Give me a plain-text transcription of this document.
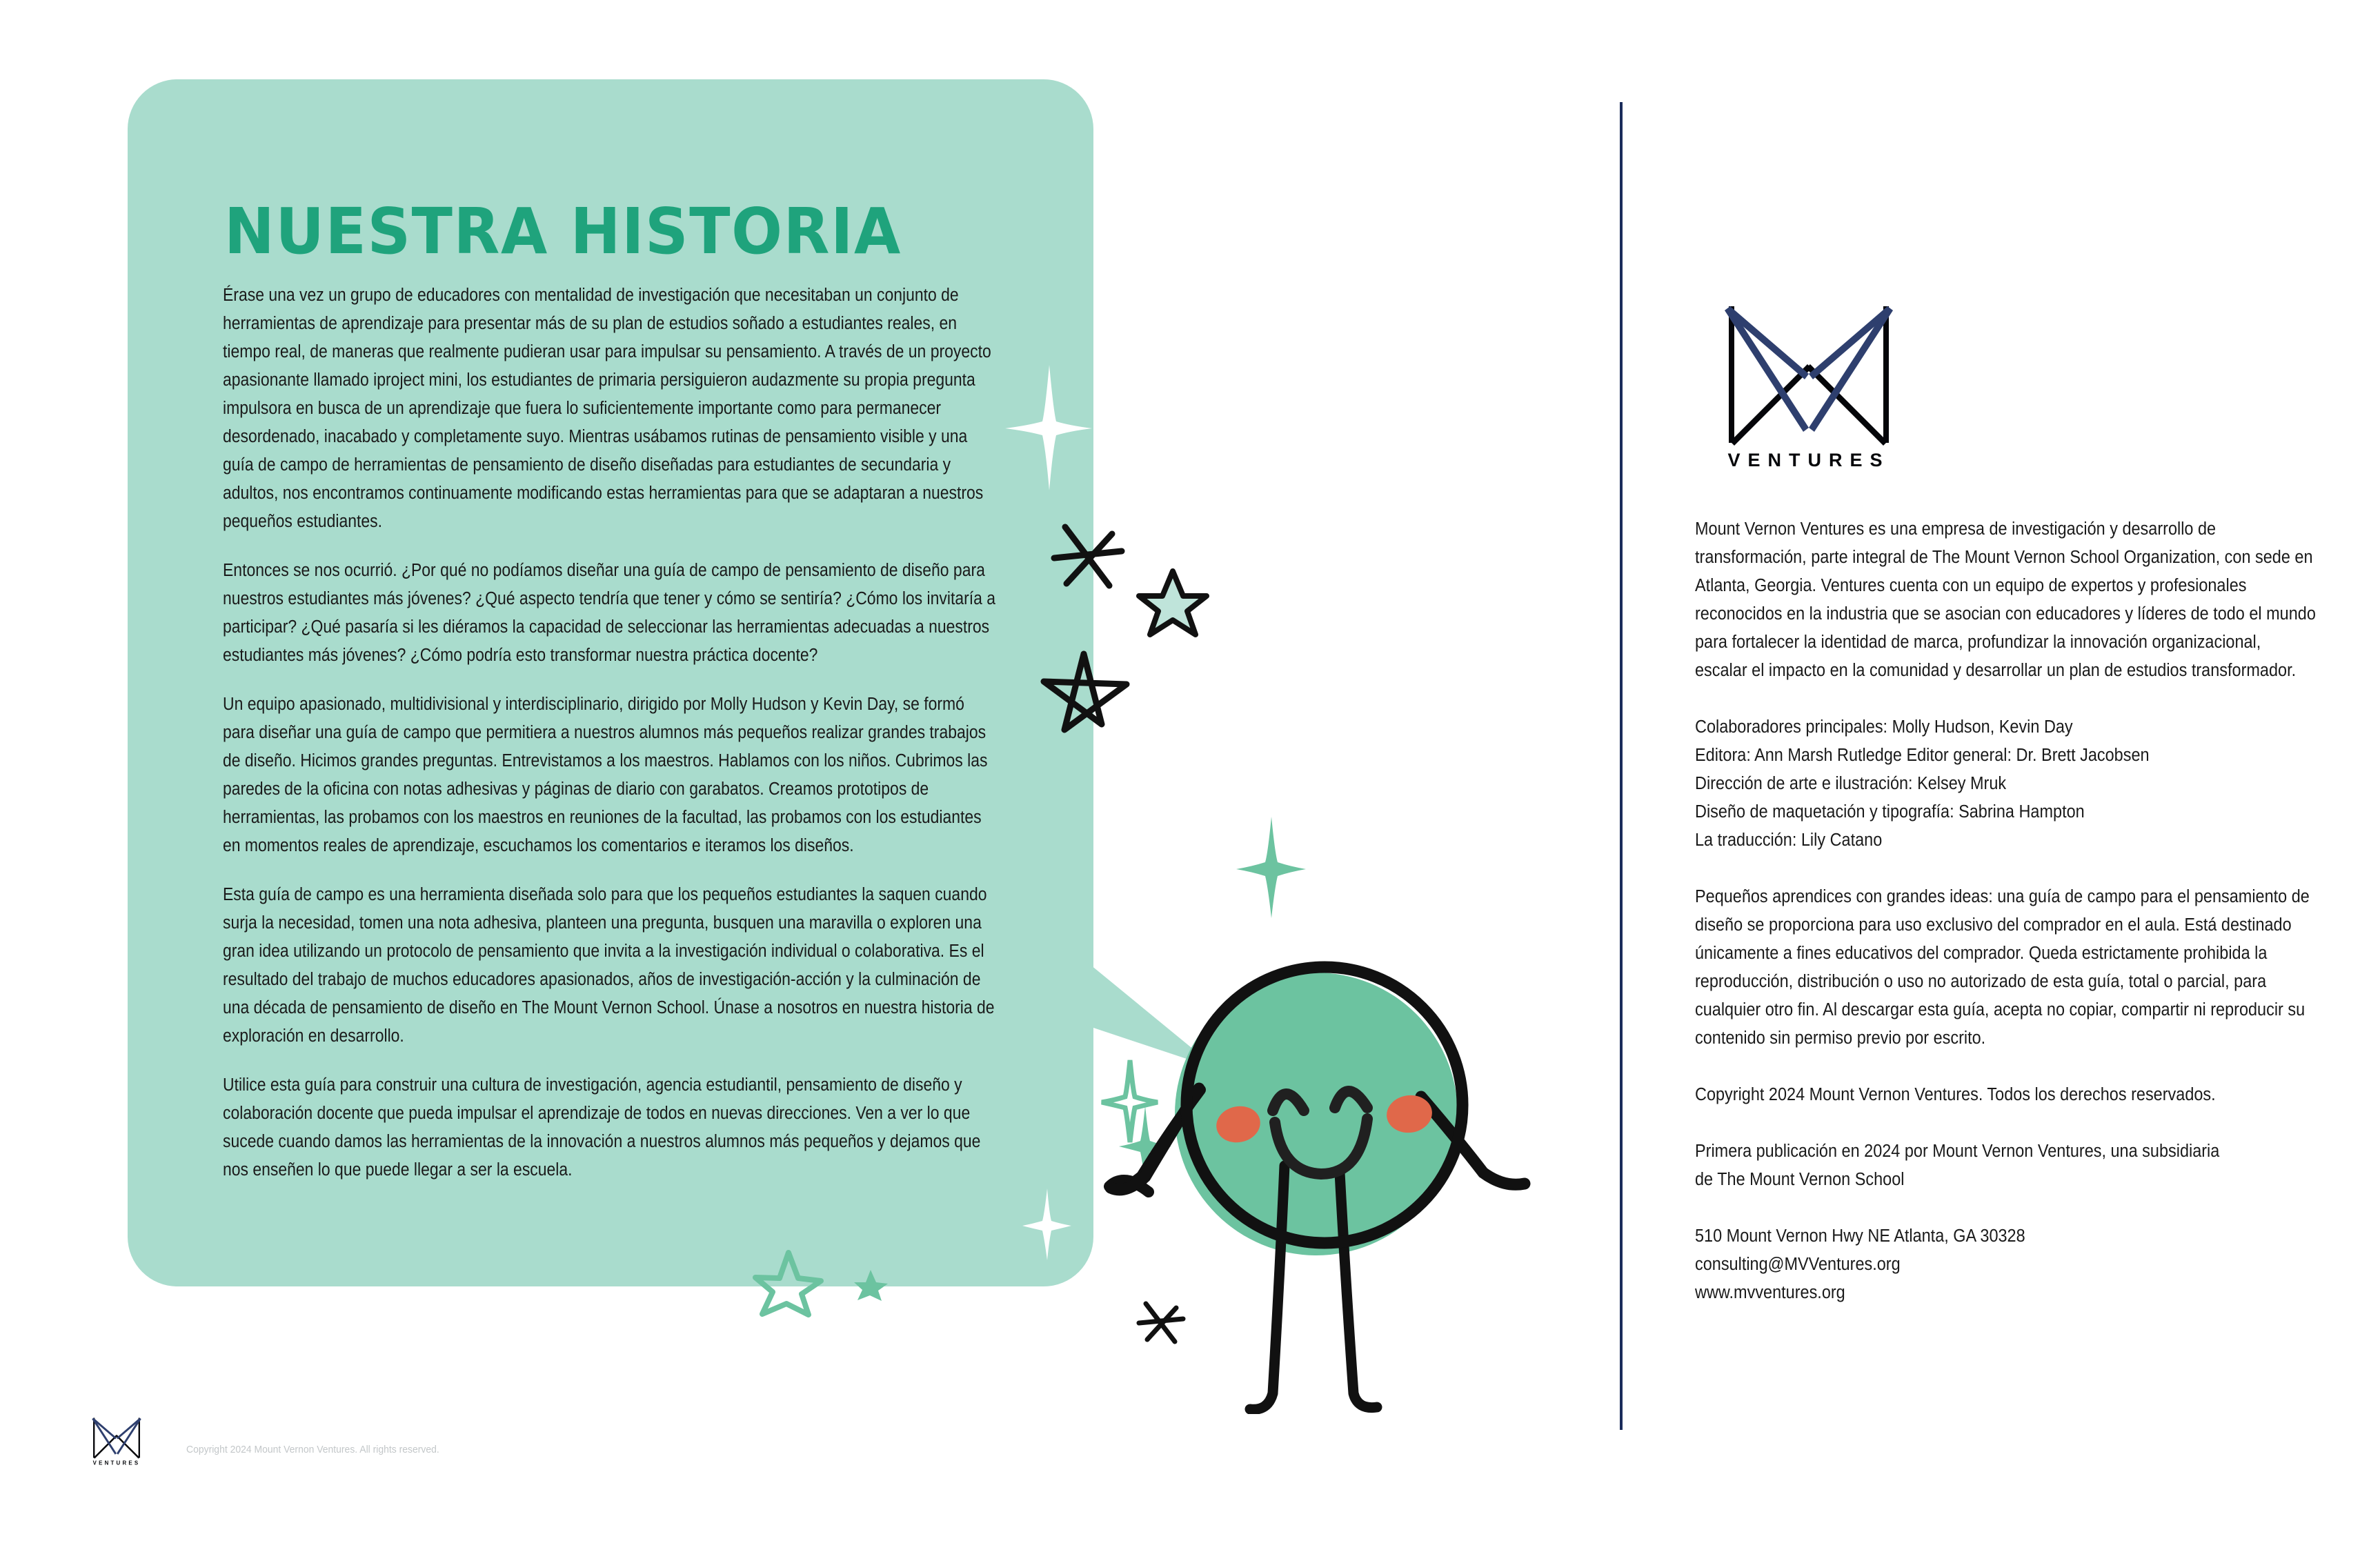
NUESTRA HISTORIA

Érase una vez un grupo de educadores con mentalidad de investigación que necesitaban un conjunto de herramientas de aprendizaje para presentar más de su plan de estudios soñado a estudiantes reales, en tiempo real, de maneras que realmente pudieran usar para impulsar su pensamiento. A través de un proyecto apasionante llamado iproject mini, los estudiantes de primaria persiguieron audazmente su propia pregunta impulsora en busca de un aprendizaje que fuera lo suficientemente importante como para permanecer desordenado, inacabado y completamente suyo. Mientras usábamos rutinas de pensamiento visible y una guía de campo de herramientas de pensamiento de diseño diseñadas para estudiantes de secundaria y adultos, nos encontramos continuamente modificando estas herramientas para que se adaptaran a nuestros pequeños estudiantes.

Entonces se nos ocurrió. ¿Por qué no podíamos diseñar una guía de campo de pensamiento de diseño para nuestros estudiantes más jóvenes? ¿Qué aspecto tendría que tener y cómo se sentiría? ¿Cómo los invitaría a participar? ¿Qué pasaría si les diéramos la capacidad de seleccionar las herramientas adecuadas a nuestros estudiantes más jóvenes? ¿Cómo podría esto transformar nuestra práctica docente?

Un equipo apasionado, multidivisional y interdisciplinario, dirigido por Molly Hudson y Kevin Day, se formó para diseñar una guía de campo que permitiera a nuestros alumnos más pequeños realizar grandes trabajos de diseño. Hicimos grandes preguntas. Entrevistamos a los maestros. Hablamos con los niños. Cubrimos las paredes de la oficina con notas adhesivas y páginas de diario con garabatos. Creamos prototipos de herramientas, las probamos con los maestros en reuniones de la facultad, las probamos con los estudiantes en momentos reales de aprendizaje, escuchamos los comentarios e iteramos los diseños.

Esta guía de campo es una herramienta diseñada solo para que los pequeños estudiantes la saquen cuando surja la necesidad, tomen una nota adhesiva, planteen una pregunta, busquen una maravilla o exploren una gran idea utilizando un protocolo de pensamiento que invita a la investigación individual o colaborativa. Es el resultado del trabajo de muchos educadores apasionados, años de investigación-acción y la culminación de una década de pensamiento de diseño en The Mount Vernon School. Únase a nosotros en nuestra historia de exploración en desarrollo.

Utilice esta guía para construir una cultura de investigación, agencia estudiantil, pensamiento de diseño y colaboración docente que pueda impulsar el aprendizaje de todos en nuevas direcciones. Ven a ver lo que sucede cuando damos las herramientas de la innovación a nuestros alumnos más pequeños y dejamos que nos enseñen lo que puede llegar a ser la escuela.

VENTURES
Mount Vernon Ventures es una empresa de investigación y desarrollo de transformación, parte integral de The Mount Vernon School Organization, con sede en Atlanta, Georgia. Ventures cuenta con un equipo de expertos y profesionales reconocidos en la industria que se asocian con educadores y líderes de todo el mundo para fortalecer la identidad de marca, profundizar la innovación organizacional, escalar el impacto en la comunidad y desarrollar un plan de estudios transformador.
Colaboradores principales: Molly Hudson, Kevin Day
Editora: Ann Marsh Rutledge Editor general: Dr. Brett Jacobsen
Dirección de arte e ilustración: Kelsey Mruk
Diseño de maquetación y tipografía: Sabrina Hampton
La traducción: Lily Catano
Pequeños aprendices con grandes ideas: una guía de campo para el pensamiento de diseño se proporciona para uso exclusivo del comprador en el aula. Está destinado únicamente a fines educativos del comprador. Queda estrictamente prohibida la reproducción, distribución o uso no autorizado de esta guía, total o parcial, para cualquier otro fin. Al descargar esta guía, acepta no copiar, compartir ni reproducir su contenido sin permiso previo por escrito.
Copyright 2024 Mount Vernon Ventures. Todos los derechos reservados.
Primera publicación en 2024 por Mount Vernon Ventures, una subsidiaria
de The Mount Vernon School
510 Mount Vernon Hwy NE Atlanta, GA 30328
consulting@MVVentures.org
www.mvventures.org
VENTURES
Copyright 2024 Mount Vernon Ventures. All rights reserved.
